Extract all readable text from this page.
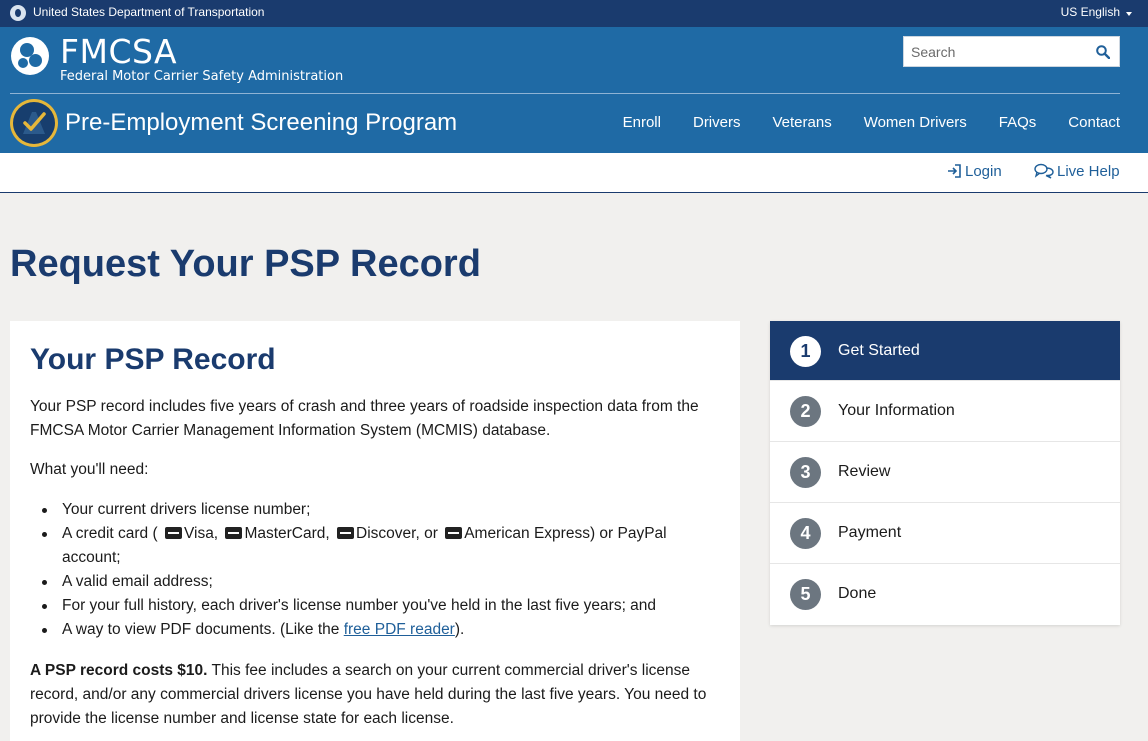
United States Department of Transportation	US English
FMCSA
Federal Motor Carrier Safety Administration
Search
Pre-Employment Screening Program	Enroll Drivers Veterans Women Drivers FAQs Contact
Login	Live Help
Request Your PSP Record
Your PSP Record

Your PSP record includes five years of crash and three years of roadside inspection data from the FMCSA Motor Carrier Management Information System (MCMIS) database.

What you'll need:

Your current drivers license number;
A credit card ( Visa, MasterCard, Discover, or American Express) or PayPal account;
A valid email address;
For your full history, each driver's license number you've held in the last five years; and
A way to view PDF documents. (Like the free PDF reader).

A PSP record costs $10. This fee includes a search on your current commercial driver's license record, and/or any commercial drivers license you have held during the last five years. You need to provide the license number and license state for each license.

1	Get Started
2	Your Information
3	Review
4	Payment
5	Done
